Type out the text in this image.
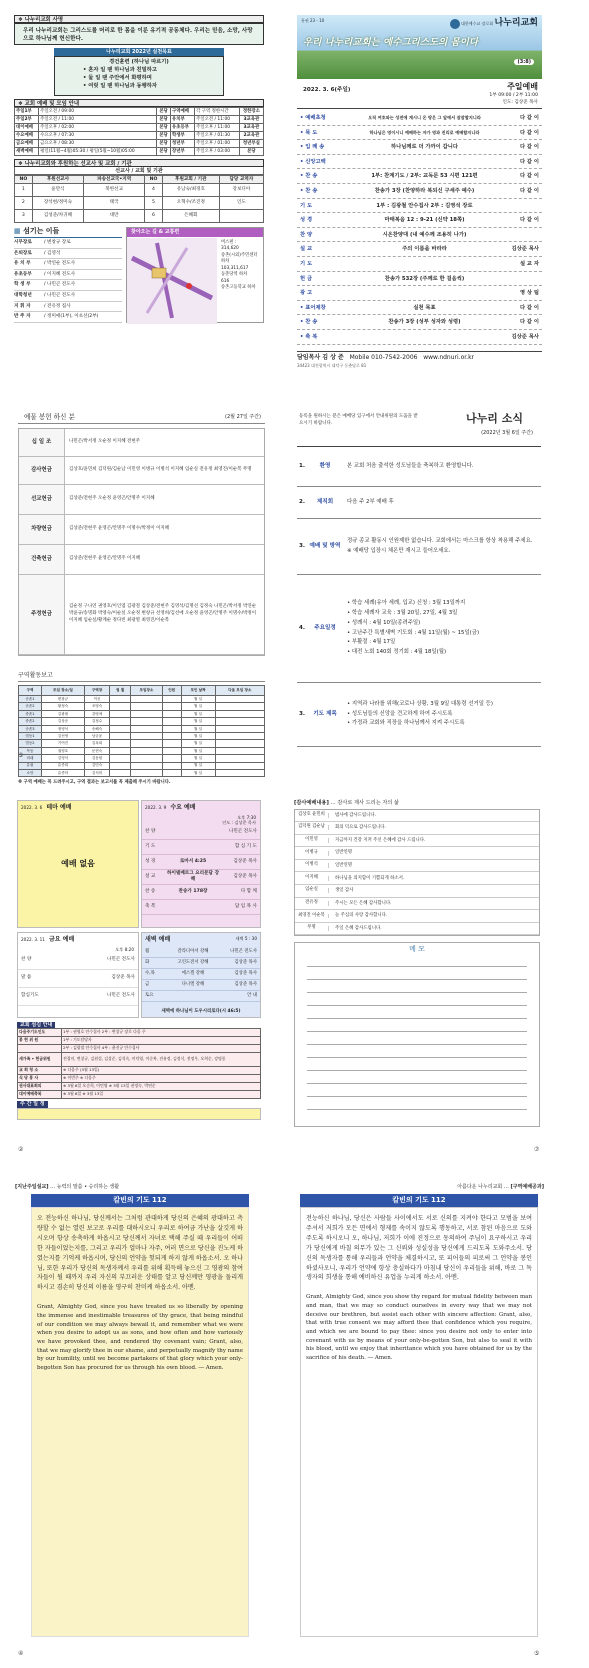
❖ 나누리교회 사명
우리 나누리교회는 그리스도를 머리로 한 몸을 이룬 유기적 공동체다. 우리는 믿음, 소망, 사랑으로 하나님께 헌신한다.
나누리교회 2022년 실천목표
경건훈련 (하나님 따르기)
• 혼자 일 땐 하나님과 친밀하고
• 둘 일 땐 주안에서 화평하며
• 여럿 일 땐 하나님과 동행하자
❖ 교회 예배 및 모임 안내
주일1부	주일오전 / 09:00	본당	구역예배	각 구역 정한시간	정한장소
주일2부	주일오전 / 11:00	본당	유치부	주일오전 / 11:00	3교육관
대이예배	주일오후 / 02:00	본당	유초등부	주일오후 / 11:00	3교육관
수요예배	수요오후 / 07:30	본당	학생부	주일오후 / 01:30	2교육관
금요예배	금요오후 / 08:30	본당	청년부	주일오후 / 01:00	청년부실
새벽예배	평일(11월~4월)05:30 / 평일(5월~10월)05:00	본당	장년부	주일오후 / 03:00	본당
❖ 나누리교회와 후원하는 선교사 및 교회 / 기관
선교사 / 교회 및 기관
NO	후원선교사	파송선교국•지역	NO	후원교회 / 기관	담당 교역자
1	윤만식	북한선교	4	유남숙/최경호	강보디아
2	장석현/정미숙	태국	5	오혁수/조진정	인도
3	김성준/차귀혜	대만	6	은혜회	
▦ 섬기는 이들
시무장로	/ 변창규 장로
은퇴장로	/ 김영석
유 치 부	/ 박연순 전도사
유초등부	/ 이지혜 전도사
학 생 부	/ 나민곤 전도사
대학청년	/ 나민곤 전도사
지 휘 자	/ 전유정 집사
반 주 자	/ 정미애(1부), 이초선(2부)
찾아오는 길 & 교통편
버스편 :
314,620
송촌(시외)주민센터 하차
103,311,617
동춘당역 하차
616
송촌고등학교 하차
통권 23 - 10
대한예수교 장로회 나누리교회
우리 나누리교회는 예수그리스도의 몸이다
(3:8)
2022. 3. 6(주일)	주일예배
1부 09:00 / 2부 11:00
인도: 김상준 목사
• 예배초청	오직 여호와는 성전에 계시니 온 땅은 그 앞에서 잠잠할지니라	다 같 이
• 묵 도	하나님은 영이시니 예배하는 자가 영과 진리로 예배할지니라	다 같 이
• 입 례 송	하나님께로 더 가까이 갑니다	다 같 이
• 신앙고백	다 같 이
• 찬 송	1부: 찬계기도 / 2부: 교독문 53 시편 121편	다 같 이
• 찬 송	찬송가 3장 (찬양하라 복되신 구세주 예수)	다 같 이
기 도	1부 : 김광철 안수집사 2부 : 김영석 장로
성 경	마태복음 12 : 9-21 (신약 18쪽)	다 같 이
찬 양	시온찬양대 (내 예수께 조용히 나가)
설 교	주의 이름을 바라라	김상준 목사
기 도	설 교 자
헌 금	찬송가 532장 (주께로 한 걸음씩)
광 고	영 상 팀
• 표어제창	실천 목표	다 같 이
• 찬 송	찬송가 3장 (성부 성자와 성령)	다 같 이
• 축 복	김상준 목사
담임목사 김 상 준 Mobile 010-7542-2006 www.ndnuri.or.kr
34423 대전광역시 대덕구 동춘당로 81
예물 봉헌 하신 분	(2월 27일 주간)
십 일 조	나민곤/박서정 오순정 이지혜 전현주
감사헌금	김상호/윤민희 김덕원/김순남 이민영 이병규 이병석 이지혜 임순실 전유정 최영진/이순복 무명
선교헌금	김상준/전현주 오순정 윤영곤/안명주 이지혜
차량헌금	김상준/전현주 윤영곤/안명주 이명수/박정이 이지혜
건축헌금	김상준/전현주 윤영곤/안명주 이지혜
주정헌금
김순정 구나연 권영호/이인엽 김광철 김상준/전현주 김영석/김명선 김정숙 나민곤/박서정 박연순 박윤규/송명화 박영숙/이순실 오순정 변창규 선영희/김선애 오순정 윤영곤/안명주 이명수/박정이 이지혜 임순실/황계순 정다빈 최광열 최영진/이순복
구역활동보고
구역	모임 장소/일	구역장	권 철	모임장소	인원	모인 날짜	다음 모임 장소
송촌1	변창규	이신				월 일	
송촌2	황정숙	조영숙				월 일	
중촌1	김광철	강영애				월 일	
중촌2	김상준	김정수				월 일	
송촌3	정영석	송해숙				월 일	
법동1	김선영	남궁윤				월 일	
법동2	기여진	김옥희				월 일	
목동	권영호	문현숙				월 일	
비래	김영석	김동원				월 일	
유림	유종희	김민숙				월 일	
소망	유종학	김석미				월 일	
※ 구역 예배는 꼭 드려주시고, 구역 결과는 보고서를 꼭 제출해 주시기 바랍니다.
등록을 원하시는 분은 예배당 입구에서 안내위원의 도움을 받으시기 바랍니다.	나누리 소식
(2022년 3월 6일 주간)
1.	환영	본 교회 처음 출석한 성도님들을 축복하고 환영합니다.
2.	제직회	다음 주 2부 예배 후
3. 예배 및 방역
정규 종교 활동시 인원제한 없습니다. 교회에서는 마스크를 항상 착용해 주세요.
※ 예배당 입장시 체온만 재시고 들어오세요.
4.	주요일정
• 학습 세례(유아 세례, 입교) 신청 : 3월 13일까지
• 학습 세례자 교육 : 3월 20일, 27일, 4월 3일
• 성례식 : 4월 10일(종려주일)
• 고난주간 특별새벽 기도회 : 4월 11일(월) ~ 15일(금)
• 부활절 : 4월 17일
• 대전 노회 140회 정기회 : 4월 18일(월)
3.	기도 제목
• 지역과 나라를 위해(코로나 상황, 3월 9일 대통령 선거일 등)
• 성도님들의 신앙을 견고하게 하여 주시도록
• 가정과 교회와 직장을 하나님께서 지켜 주시도록
2022. 3. 6 테마 예배
예배 없음
2022. 3. 9 수요 예배
오후 7:30
인도 : 김상준 목사
찬 양	나민곤 전도사
기 도	합 심 기 도
성 경	로마서 4:25	김상준 목사
설 교
하이델베르그 요리문답 강해
김상준 목사
찬 송	찬송가 178장	다 함 께
축 복	담 임 목 사
2022. 3. 11 금요 예배
오후 8:20
찬 양	나민곤 전도사
말 씀	김상준 목사
합심기도	나민곤 전도사
새벽 예배	새벽 5 : 30
월	갈라디아서 강해	나민곤 전도사
화	고린도전서 강해	김상준 목사
수,목	에스겔 강해	김상준 목사
금	다니엘 강해	김상준 목사
토요	안 내
새벽에 하나님이 도우시리로다(시 46:5)
교회 섬김 안내
다음주기도인도	1부 : 권영호 안수집사 2부 : 변창규 장로 다음 주
봉 헌 위 원	1부 : 기도담당자
	2부 : 김광철 안수집사 4부 : 윤진규 안수집사
새가족 • 헌금위원	전경미, 변창규, 김원섭, 김상준, 김석숙, 이덕영, 이순복, 전유정, 김정식, 전정우, 오혁순, 강명종
교 회 청 소	※ 다음주 (3월 13일)
식 당 봉 사	※ 이번주 ※ 다음주
권사대표회의	※ 3월 6일 오순희, 이민영 ※ 3월 13일 권정숙, 박연순
대이예배축복	※ 3월 6일 ※ 3월 13일
주 간 일 정
[감사예배내용] … 감사로 제사 드리는 자의 삶
김상호 윤민희	범사에 감사드립니다.
김덕원 김순남	회의 덕으로 감사드립니다.
이민영	지금까지 건강 지켜 주신 은혜에 감사 드립니다.
이병규	일반연명
이병석	일반연명
이지혜	하나님을 의지함이 기쁨되게 하소서.
임순실	생일 감사
전유정	주시는 모든 은혜 감사합니다.
최영진 이순복	늘 주심의 사랑 감사합니다.
무명	주일 은혜 감사드립니다.
메 모
[지난주일설교] … 능력의 말씀 • 승리하는 생활
칼빈의 기도 112

오 전능하신 하나님, 당신께서는 그처럼 관대하게 당신의 은혜의 광대하고 측량할 수 없는 열린 보고로 우리를 대하시오니 우리로 하여금 가난을 살깃게 하시오며 항상 송축하게 하옵시고 당신께서 자녀로 택해 주실 때 우리들이 어떠한 자들이었는지를, 그리고 우리가 얼마나 자주, 여러 면으로 당신을 진노케 하였는지를 기억케 하옵시며, 당신의 언약을 헛되게 하지 않게 하옵소서. 오 하나님, 또한 우리가 당신의 독생자께서 우리를 위해 획득해 놓으신 그 영광의 참여자들이 될 때까지 우리 자신의 부끄러운 상태를 알고 당신께만 영광을 돌리게 하시고 겸손히 당신의 이름을 영구히 찬미케 하옵소서. 아멘.

Grant, Almighty God, since you have treated us so liberally by opening the immense and inestimable treasures of thy grace, that being mindful of our condition we may always bewail it, and remember what we were when you desire to adopt us as sons, and how often and how variously we have provoked thee, and rendered thy covenant vain; Grant, also, that we may glorify thee in our shame, and perpetually magnify thy name by our humility, until we become partakers of that glory which your only-begotten Son has procured for us through his own blood. ― Amen.

아름다운 나누리교회 … [구역예배공과]
칼빈의 기도 112

전능하신 하나님, 당신은 사람들 사이에서도 서로 신의를 지켜야 한다고 모범을 보여주셔서 저희가 모든 면에서 형제를 속이지 않도록 행동하고, 서로 참된 마음으로 도와주도록 하시오니 오, 하나님, 저희가 이에 진정으로 동의하여 주님이 요구하시고 우리가 당신에게 바칠 의무가 있는 그 신뢰와 성실성을 당신에게 드리도록 도와주소서. 당신의 독생자를 통해 우리들과 언약을 체결하시고, 또 피어들의 피로써 그 언약을 봉인하셨사오니, 우리가 언약에 항상 충실하다가 마침내 당신이 우리들을 위해, 바로 그 독생자의 희생을 통해 예비하신 유업을 누리게 하소서. 아멘.

Grant, Almighty God, since you show thy regard for mutual fidelity between man and man, that we may so conduct ourselves in every way that we may not deceive our brethren, but assist each other with sincere affection: Grant, also, that with true consent we may afford thee that confidence which you require, and which we are bound to pay thee: since you desire not only to enter into covenant with us by means of your only-be-gotten Son, but also to seal it with his blood, until we enjoy that inheritance which you have obtained for us by the sacrifice of his death. ― Amen.

⑤
②	⑦
④	⑤
